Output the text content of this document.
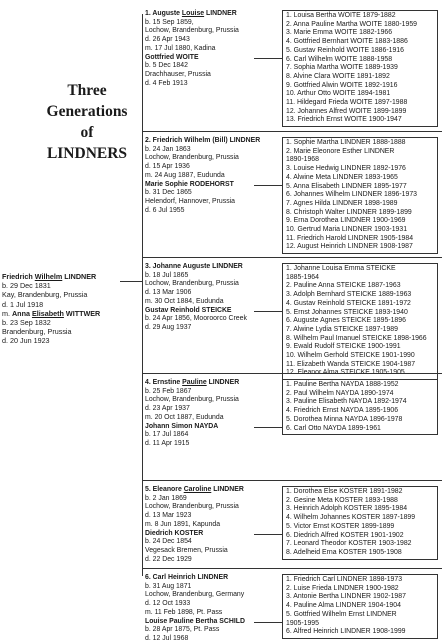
Three
Generations
of
LINDNERS
Friedrich Wilhelm LINDNER
b. 29 Dec 1831
Kay, Brandenburg, Prussia
d. 1 Jul 1918
m. Anna Elisabeth WITTWER
b. 23 Sep 1832
Brandenburg, Prussia
d. 20 Jun 1923
1. Auguste Louise LINDNER
b. 15 Sep 1859,
Lochow, Brandenburg, Prussia
d. 26 Apr 1943
m. 17 Jul 1880, Kadina
Gottfried WOITE
b. 5 Dec 1842
Drachhauser, Prussia
d. 4 Feb 1913
1. Louisa Bertha WOITE 1879-1882
2. Anna Pauline Martha WOITE 1880-1959
3. Marie Emma WOITE 1882-1966
4. Gottfried Bernhart WOITE 1883-1886
5. Gustav Reinhold WOITE 1886-1916
6. Carl Wilhelm WOITE 1888-1958
7. Sophia Martha WOITE 1889-1939
8. Alvine Clara WOITE 1891-1892
9. Gottfried Alwin WOITE 1892-1916
10. Arthur Otto WOITE 1894-1981
11. Hildegard Frieda WOITE 1897-1988
12. Johannes Alfred WOITE 1899-1899
13. Friedrich Ernst WOITE 1900-1947
2. Friedrich Wilhelm (Bill) LINDNER
b. 24 Jan 1863
Lochow, Brandenburg, Prussia
d. 15 Apr 1936
m. 24 Aug 1887, Eudunda
Marie Sophie RODEHORST
b. 31 Dec 1865
Helendorf, Hannover, Prussia
d. 6 Jul 1955
1. Sophie Martha LINDNER 1888-1888
2. Marie Eleonore Esther LINDNER
1890-1968
3. Louise Hedwig LINDNER 1892-1976
4. Alwine Meta LINDNER 1893-1965
5. Anna Elisabeth LINDNER 1895-1977
6. Johannes Wilhelm LINDNER 1896-1973
7. Agnes Hilda LINDNER 1898-1989
8. Christoph Walter LINDNER 1899-1899
9. Erna Dorothea LINDNER 1900-1969
10. Gertrud Maria LINDNER 1903-1931
11. Friedrich Harold LINDNER 1905-1984
12. August Heinrich LINDNER 1908-1987
3. Johanne Auguste LINDNER
b. 18 Jul 1865
Lochow, Brandenburg, Prussia
d. 13 Mar 1906
m. 30 Oct 1884, Eudunda
Gustav Reinhold STEICKE
b. 24 Apr 1856, Mooroorco Creek
d. 29 Aug 1937
1. Johanne Louisa Emma STEICKE
1885-1964
2. Pauline Anna STEICKE 1887-1963
3. Adolph Bernhard STEICKE 1889-1963
4. Gustav Reinhold STEICKE 1891-1972
5. Ernst Johannes STEICKE 1893-1940
6. Auguste Agnes STEICKE 1895-1896
7. Alwine Lydia STEICKE 1897-1989
8. Wilhelm Paul Imanuel STEICKE 1898-1966
9. Ewald Rudolf STEICKE 1900-1991
10. Wilhelm Gerhold STEICKE 1901-1990
11. Elizabeth Wanda STEICKE 1904-1987
4. Ernstine Pauline LINDNER
b. 25 Feb 1867
Lochow, Brandenburg, Prussia
d. 23 Apr 1937
m. 20 Oct 1887, Eudunda
Johann Simon NAYDA
b. 17 Jul 1864
d. 11 Apr 1915
1. Pauline Bertha NAYDA 1888-1952
2. Paul Wilhelm NAYDA 1890-1974
3. Pauline Elisabeth NAYDA 1892-1974
4. Friedrich Ernst NAYDA 1895-1906
5. Dorothea Minna NAYDA 1896-1978
6. Carl Otto NAYDA 1899-1961
5. Eleanore Caroline LINDNER
b. 2 Jan 1869
Lochow, Brandenburg, Prussia
d. 13 Mar 1923
m. 8 Jun 1891, Kapunda
Diedrich KOSTER
b. 24 Dec 1854
Vegesack Bremen, Prussia
d. 22 Dec 1929
1. Dorothea Else KOSTER 1891-1982
2. Gesine Meta KOSTER 1893-1988
3. Heinrich Adolph KOSTER 1895-1984
4. Wilhelm Johannes KOSTER 1897-1899
5. Victor Ernst KOSTER 1899-1899
6. Diedrich Alfred KOSTER 1901-1902
7. Leonard Theodor KOSTER 1903-1982
8. Adelheid Erna KOSTER 1905-1908
6. Carl Heinrich LINDNER
b. 31 Aug 1871
Lochow, Brandenburg, Germany
d. 12 Oct 1933
m. 11 Feb 1898, Pt. Pass
Louise Pauline Bertha SCHILD
b. 28 Apr 1875, Pt. Pass
d. 12 Jul 1968
1. Friedrich Carl LINDNER 1898-1973
2. Luise Frieda LINDNER 1900-1982
3. Antonie Bertha LINDNER 1902-1987
4. Pauline Alma LINDNER 1904-1904
5. Gottfried Wilhelm Ernst LINDNER
1905-1995
6. Alfred Heinrich LINDNER 1908-1999
